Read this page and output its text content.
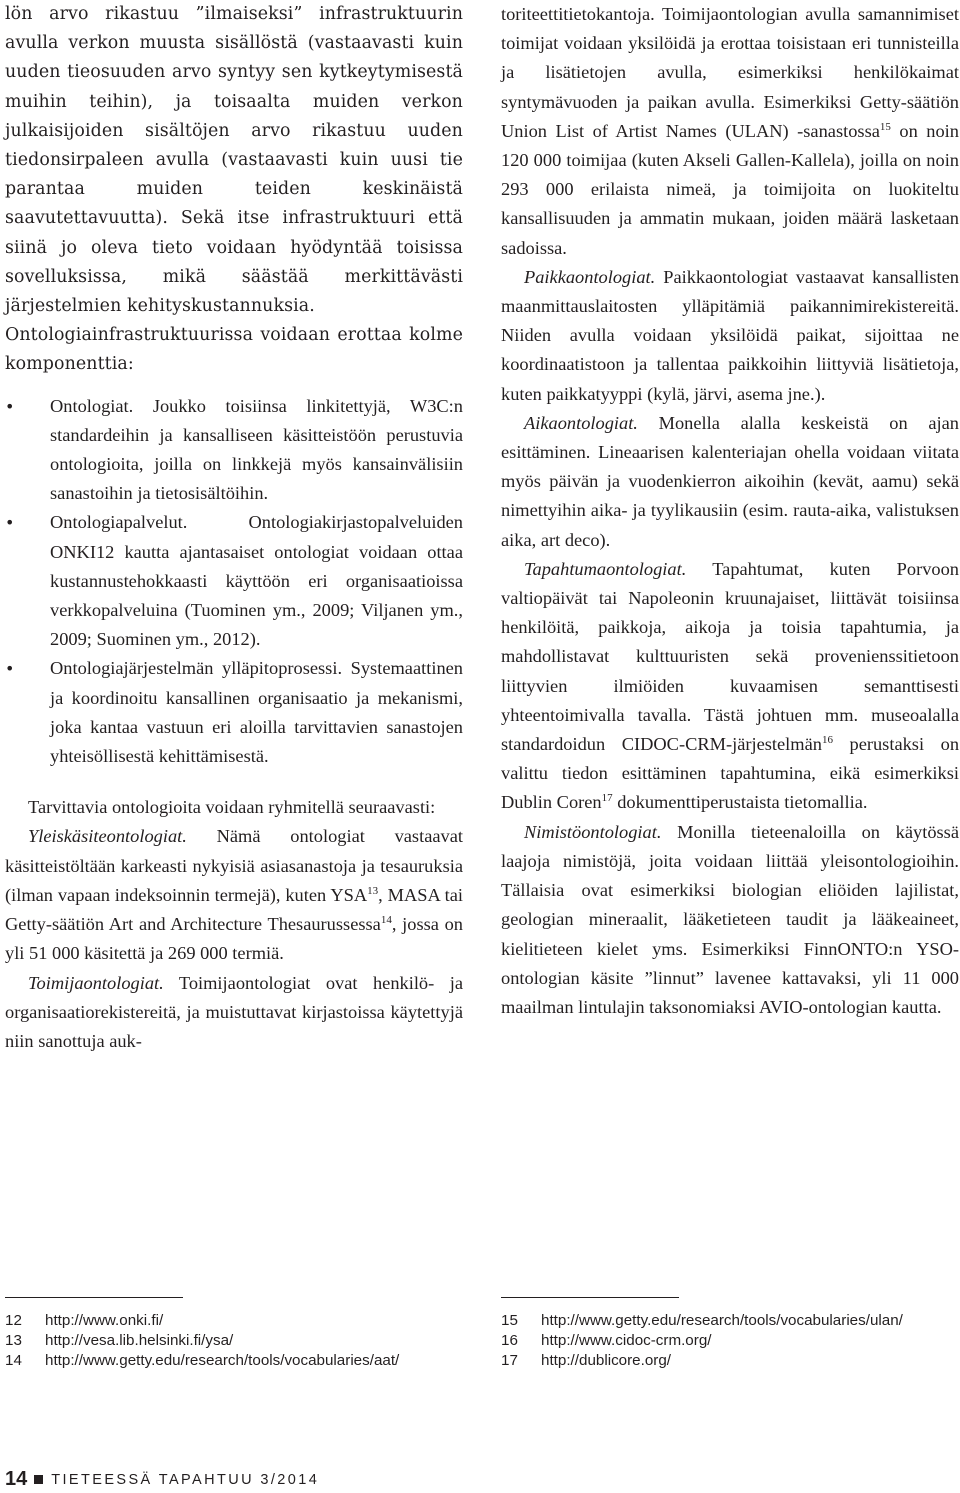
lön arvo rikastuu ”ilmaiseksi” infrastruktuurin avulla verkon muusta sisällöstä (vastaavasti kuin uuden tieosuuden arvo syntyy sen kytkeytymisestä muihin teihin), ja toisaalta muiden verkon julkaisijoiden sisältöjen arvo rikastuu uuden tiedonsirpaleen avulla (vastaavasti kuin uusi tie parantaa muiden teiden keskinäistä saavutettavuutta). Sekä itse infrastruktuuri että siinä jo oleva tieto voidaan hyödyntää toisissa sovelluksissa, mikä säästää merkittävästi järjestelmien kehityskustannuksia.

Ontologiainfrastruktuurissa voidaan erottaa kolme komponenttia:

• Ontologiat. Joukko toisiinsa linkitettyjä, W3C:n standardeihin ja kansalliseen käsitteistöön perustuvia ontologioita, joilla on linkkejä myös kansainvälisiin sanastoihin ja tietosisältöihin.
• Ontologiapalvelut. Ontologiakirjastopalveluiden ONKI12 kautta ajantasaiset ontologiat voidaan ottaa kustannustehokkaasti käyttöön eri organisaatioissa verkkopalveluina (Tuominen ym., 2009; Viljanen ym., 2009; Suominen ym., 2012).
• Ontologiajärjestelmän ylläpitoprosessi. Systemaattinen ja koordinoitu kansallinen organisaatio ja mekanismi, joka kantaa vastuun eri aloilla tarvittavien sanastojen yhteisöllisestä kehittämisestä.

Tarvittavia ontologioita voidaan ryhmitellä seuraavasti:

Yleiskäsiteontologiat. Nämä ontologiat vastaavat käsitteistöltään karkeasti nykyisiä asiasanastoja ja tesauruksia (ilman vapaan indeksoinnin termejä), kuten YSA$^{13}$, MASA tai Getty-säätiön Art and Architecture Thesaurussessa$^{14}$, jossa on yli 51 000 käsitettä ja 269 000 termiä.

Toimijaontologiat. Toimijaontologiat ovat henkilö- ja organisaatiorekistereitä, ja muistuttavat kirjastoissa käytettyjä niin sanottuja auk-

toriteettitietokantoja. Toimijaontologian avulla samannimiset toimijat voidaan yksilöidä ja erottaa toisistaan eri tunnisteilla ja lisätietojen avulla, esimerkiksi henkilökaimat syntymävuoden ja paikan avulla. Esimerkiksi Getty-säätiön Union List of Artist Names (ULAN) -sanastossa$^{15}$ on noin 120 000 toimijaa (kuten Akseli Gallen-Kallela), joilla on noin 293 000 erilaista nimeä, ja toimijoita on luokiteltu kansallisuuden ja ammatin mukaan, joiden määrä lasketaan sadoissa.

Paikkaontologiat. Paikkaontologiat vastaavat kansallisten maanmittauslaitosten ylläpitämiä paikannimirekistereitä. Niiden avulla voidaan yksilöidä paikat, sijoittaa ne koordinaatistoon ja tallentaa paikkoihin liittyviä lisätietoja, kuten paikkatyyppi (kylä, järvi, asema jne.).

Aikaontologiat. Monella alalla keskeistä on ajan esittäminen. Lineaarisen kalenteriajan ohella voidaan viitata myös päivän ja vuodenkierron aikoihin (kevät, aamu) sekä nimettyihin aika- ja tyylikausiin (esim. rauta-aika, valistuksen aika, art deco).

Tapahtumaontologiat. Tapahtumat, kuten Porvoon valtiopäivät tai Napoleonin kruunajaiset, liittävät toisiinsa henkilöitä, paikkoja, aikoja ja toisia tapahtumia, ja mahdollistavat kulttuuristen sekä provenienssitietoon liittyvien ilmiöiden kuvaamisen semanttisesti yhteentoimivalla tavalla. Tästä johtuen mm. museoalalla standardoidun CIDOC-CRM-järjestelmän$^{16}$ perustaksi on valittu tiedon esittäminen tapahtumina, eikä esimerkiksi Dublin Coren$^{17}$ dokumenttiperustaista tietomallia.

Nimistöontologiat. Monilla tieteenaloilla on käytössä laajoja nimistöjä, joita voidaan liittää yleisontologioihin. Tällaisia ovat esimerkiksi biologian eliöiden lajilistat, geologian mineraalit, lääketieteen taudit ja lääkeaineet, kielitieteen kielet yms. Esimerkiksi FinnONTO:n YSO-ontologian käsite ”linnut” lavenee kattavaksi, yli 11 000 maailman lintulajin taksonomiaksi AVIO-ontologian kautta.

12 http://www.onki.fi/
13 http://vesa.lib.helsinki.fi/ysa/
14 http://www.getty.edu/research/tools/vocabularies/aat/
15 http://www.getty.edu/research/tools/vocabularies/ulan/
16 http://www.cidoc-crm.org/
17 http://dublicore.org/
14 TIETEESSÄ TAPAHTUU 3/2014
